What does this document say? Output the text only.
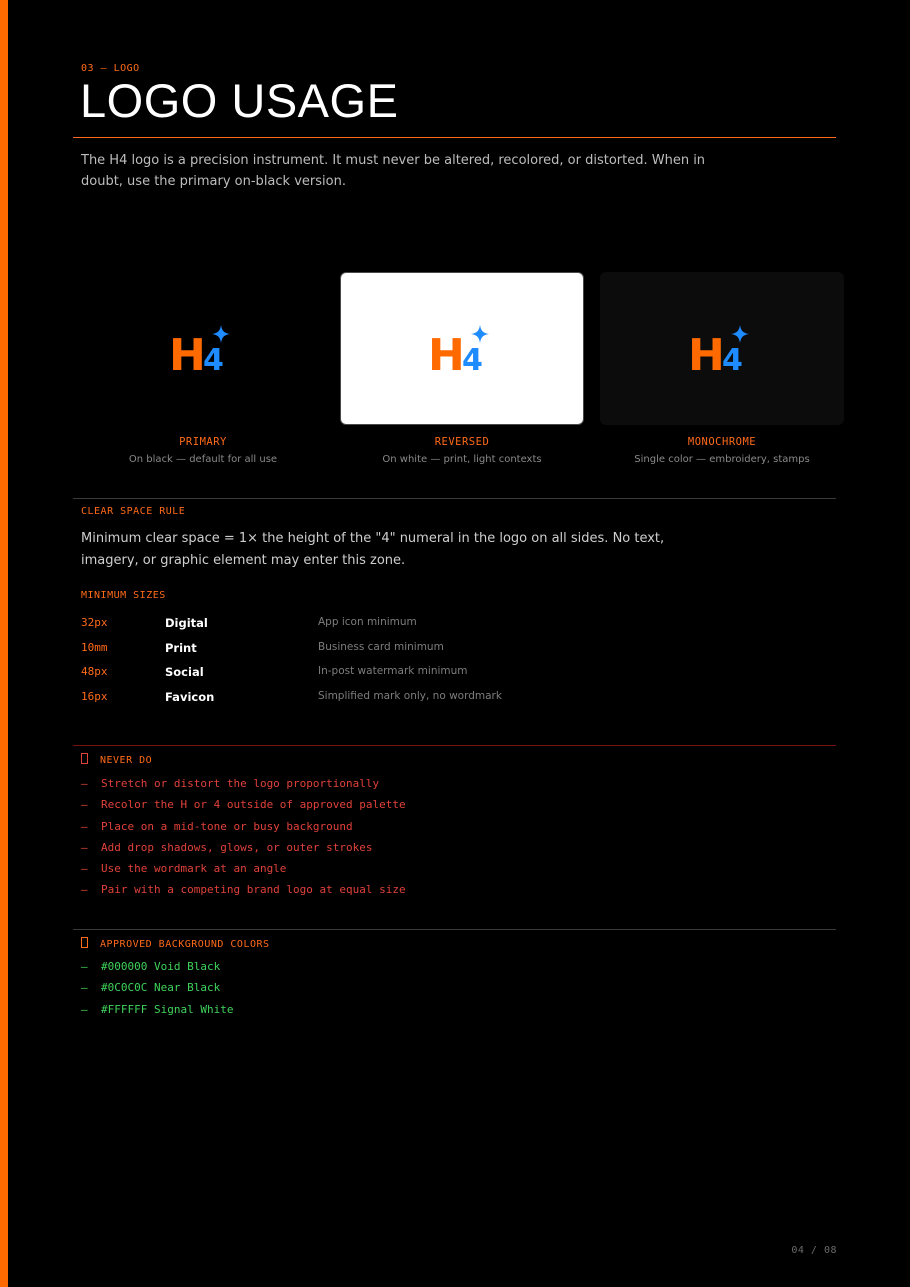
03 — LOGO
LOGO USAGE
The H4 logo is a precision instrument. It must never be altered, recolored, or distorted. When in doubt, use the primary on-black version.
H
4	H
4	H
4
PRIMARY
On black — default for all use
REVERSED
On white — print, light contexts
MONOCHROME
Single color — embroidery, stamps
CLEAR SPACE RULE
Minimum clear space = 1× the height of the "4" numeral in the logo on all sides. No text, imagery, or graphic element may enter this zone.
MINIMUM SIZES
32px	Digital	App icon minimum
10mm	Print	Business card minimum
48px	Social	In-post watermark minimum
16px	Favicon	Simplified mark only, no wordmark
NEVER DO
— Stretch or distort the logo proportionally
— Recolor the H or 4 outside of approved palette
— Place on a mid-tone or busy background
— Add drop shadows, glows, or outer strokes
— Use the wordmark at an angle
— Pair with a competing brand logo at equal size
APPROVED BACKGROUND COLORS
— #000000 Void Black
— #0C0C0C Near Black
— #FFFFFF Signal White
04 / 08
